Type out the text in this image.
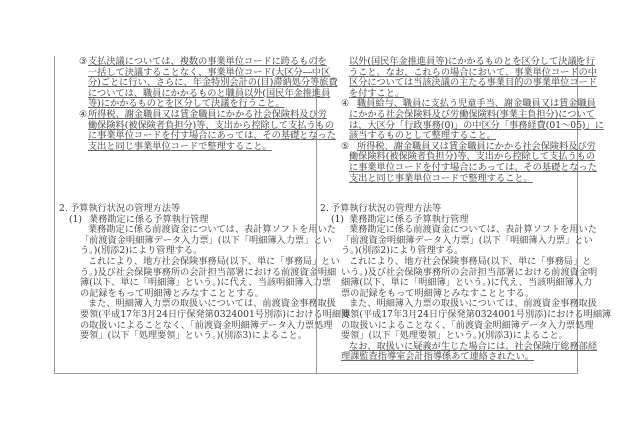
支払決議については、複数の事業単位コードに跨るものを
③
一括して決議することなく、事業単位コード(大区分―中区
分)ごとに行い、さらに、年金特別会計の(目)滞納処分等旅費
については、職員にかかるものと職員以外(国民年金推進員
等)にかかるものとを区分して決議を行うこと。
所得税、謝金職員又は賃金職員にかかる社会保険料及び労
④
働保険料(被保険者負担分)等、支出から控除して支払うもの
に事業単位コードを付す場合にあっては、その基礎となった
支出と同じ事業単位コードで整理すること。
予算執行状況の管理方法等
2.
業務勘定に係る予算執行管理
(1)
業務勘定に係る前渡資金については、表計算ソフトを用いた
「前渡資金明細簿データ入力票」(以下「明細簿入力票」とい
う。)(別添2)により管理する。
これにより、地方社会保険事務局(以下、単に「事務局」とい
う。)及び社会保険事務所の会計担当部署における前渡資金明細
簿(以下、単に「明細簿」という。)に代え、当該明細簿入力票
の記録をもって明細簿とみなすこととする。
また、明細簿入力票の取扱いについては、前渡資金事務取扱
要領(平成17年3月24日庁保発第0324001号別添)における明細簿
の取扱いによることなく、「前渡資金明細簿データ入力票処理
要領」(以下「処理要領」という。)(別添3)によること。
以外(国民年金推進員等)にかかるものとを区分して決議を行
うこと。なお、これらの場合において、事業単位コードの中
区分については当該決議の主たる事業目的の事業単位コード
を付すこと。
職員給与、職員に支払う児童手当、謝金職員又は賃金職員
④
にかかる社会保険料及び労働保険料(事業主負担分)について
は、大区分「行政事務(0)」の中区分「事務経費(01～05)」に
該当するものとして整理すること。
所得税、謝金職員又は賃金職員にかかる社会保険料及び労
⑤
働保険料(被保険者負担分)等、支出から控除して支払うもの
に事業単位コードを付す場合にあっては、その基礎となった
支出と同じ事業単位コードで整理すること。
予算執行状況の管理方法等
2.
業務勘定に係る予算執行管理
(1)
業務勘定に係る前渡資金については、表計算ソフトを用いた
「前渡資金明細簿データ入力票」(以下「明細簿入力票」とい
う。)(別添2)により管理する。
これにより、地方社会保険事務局(以下、単に「事務局」と
いう。)及び社会保険事務所の会計担当部署における前渡資金明
細簿(以下、単に「明細簿」という。)に代え、当該明細簿入力
票の記録をもって明細簿とみなすこととする。
また、明細簿入力票の取扱いについては、前渡資金事務取扱
要領(平成17年3月24日庁保発第0324001号別添)における明細簿
の取扱いによることなく、「前渡資金明細簿データ入力票処理
要領」(以下「処理要領」という。)(別添3)によること。
なお、取扱いに疑義が生じた場合には、社会保険庁総務部経
理課監査指導室会計指導係あて連絡されたい。
